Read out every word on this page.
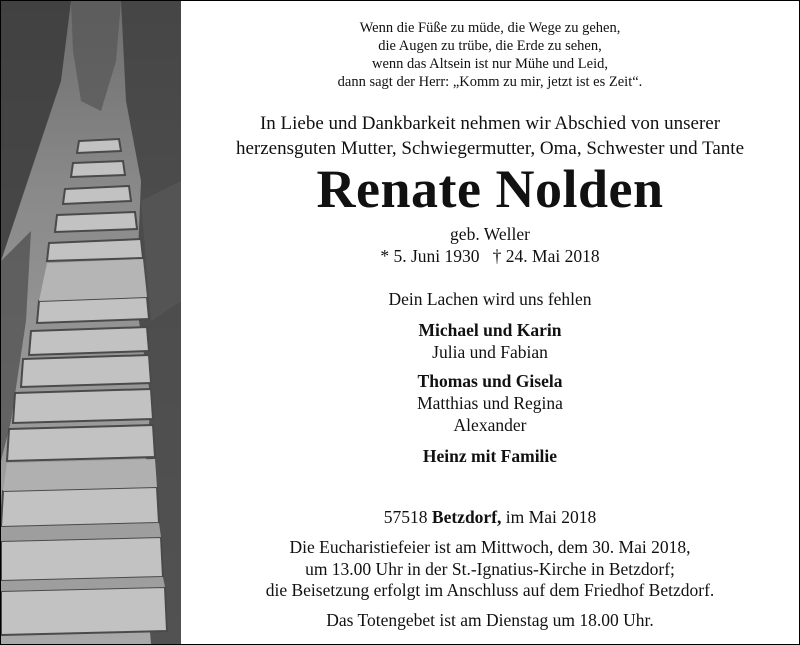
Wenn die Füße zu müde, die Wege zu gehen,
die Augen zu trübe, die Erde zu sehen,
wenn das Altsein ist nur Mühe und Leid,
dann sagt der Herr: „Komm zu mir, jetzt ist es Zeit“.
In Liebe und Dankbarkeit nehmen wir Abschied von unserer
herzensguten Mutter, Schwiegermutter, Oma, Schwester und Tante
Renate Nolden
geb. Weller
* 5. Juni 1930   † 24. Mai 2018
Dein Lachen wird uns fehlen
Michael und Karin
Julia und Fabian
Thomas und Gisela
Matthias und Regina
Alexander
Heinz mit Familie
57518 Betzdorf, im Mai 2018
Die Eucharistiefeier ist am Mittwoch, dem 30. Mai 2018,
um 13.00 Uhr in der St.-Ignatius-Kirche in Betzdorf;
die Beisetzung erfolgt im Anschluss auf dem Friedhof Betzdorf.
Das Totengebet ist am Dienstag um 18.00 Uhr.
